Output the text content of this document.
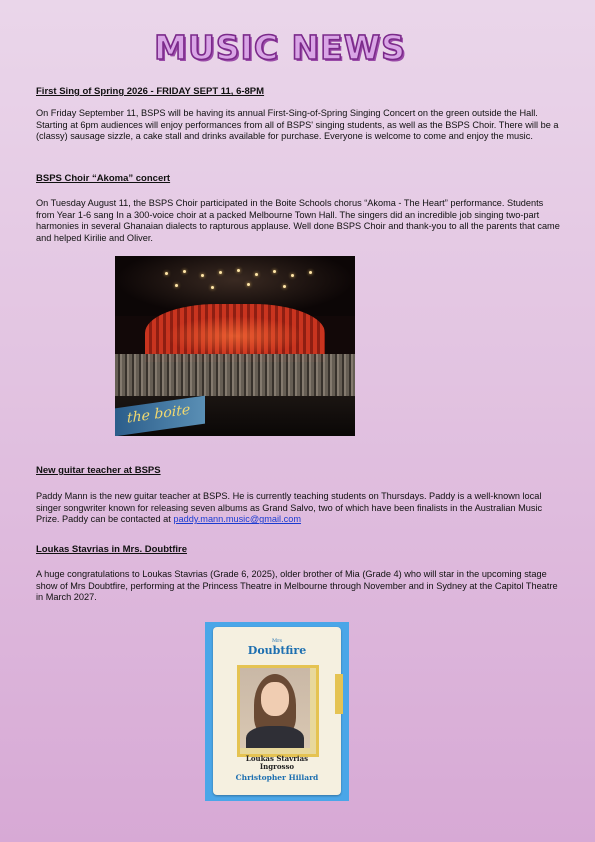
MUSIC NEWS
First Sing of Spring 2026 - FRIDAY SEPT 11, 6-8PM
On Friday September 11, BSPS will be having its annual First-Sing-of-Spring Singing Concert on the green outside the Hall. Starting at 6pm audiences will enjoy performances from all of BSPS' singing students, as well as the BSPS Choir. There will be a (classy) sausage sizzle, a cake stall and drinks available for purchase. Everyone is welcome to come and enjoy the music.
BSPS Choir “Akoma” concert
On Tuesday August 11, the BSPS Choir participated in the Boite Schools chorus “Akoma - The Heart” performance. Students from Year 1-6 sang In a 300-voice choir at a packed Melbourne Town Hall. The singers did an incredible job singing two-part harmonies in several Ghanaian dialects to rapturous applause. Well done BSPS Choir and thank-you to all the parents that came and helped Kirilie and Oliver.
the boite
New guitar teacher at BSPS
Paddy Mann is the new guitar teacher at BSPS. He is currently teaching students on Thursdays. Paddy is a well-known local singer songwriter known for releasing seven albums as Grand Salvo, two of which have been finalists in the Australian Music Prize. Paddy can be contacted at paddy.mann.music@gmail.com
Loukas Stavrias in Mrs. Doubtfire
A huge congratulations to Loukas Stavrias (Grade 6, 2025), older brother of Mia (Grade 4) who will star in the upcoming stage show of Mrs Doubtfire, performing at the Princess Theatre in Melbourne through November and in Sydney at the Capitol Theatre in March 2027.
Mrs
Doubtfire
Loukas Stavrias
Ingrosso
Christopher Hillard
